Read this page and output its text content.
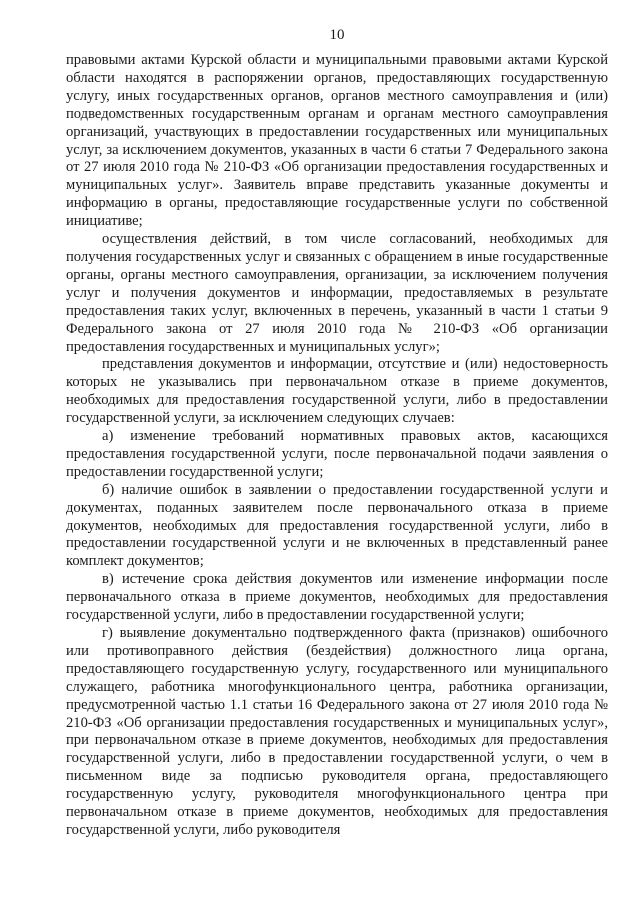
10

правовыми актами Курской области и муниципальными правовыми актами Курской области находятся в распоряжении органов, предоставляющих государственную услугу, иных государственных органов, органов местного самоуправления и (или) подведомственных государственным органам и органам местного самоуправления организаций, участвующих в предоставлении государственных или муниципальных услуг, за исключением документов, указанных в части 6 статьи 7 Федерального закона от 27 июля 2010 года № 210-ФЗ «Об организации предоставления государственных и муниципальных услуг». Заявитель вправе представить указанные документы и информацию в органы, предоставляющие государственные услуги по собственной инициативе;

осуществления действий, в том числе согласований, необходимых для получения государственных услуг и связанных с обращением в иные государственные органы, органы местного самоуправления, организации, за исключением получения услуг и получения документов и информации, предоставляемых в результате предоставления таких услуг, включенных в перечень, указанный в части 1 статьи 9 Федерального закона от 27 июля 2010 года № 210-ФЗ «Об организации предоставления государственных и муниципальных услуг»;

представления документов и информации, отсутствие и (или) недостоверность которых не указывались при первоначальном отказе в приеме документов, необходимых для предоставления государственной услуги, либо в предоставлении государственной услуги, за исключением следующих случаев:

а) изменение требований нормативных правовых актов, касающихся предоставления государственной услуги, после первоначальной подачи заявления о предоставлении государственной услуги;

б) наличие ошибок в заявлении о предоставлении государственной услуги и документах, поданных заявителем после первоначального отказа в приеме документов, необходимых для предоставления государственной услуги, либо в предоставлении государственной услуги и не включенных в представленный ранее комплект документов;

в) истечение срока действия документов или изменение информации после первоначального отказа в приеме документов, необходимых для предоставления государственной услуги, либо в предоставлении государственной услуги;

г) выявление документально подтвержденного факта (признаков) ошибочного или противоправного действия (бездействия) должностного лица органа, предоставляющего государственную услугу, государственного или муниципального служащего, работника многофункционального центра, работника организации, предусмотренной частью 1.1 статьи 16 Федерального закона от 27 июля 2010 года № 210-ФЗ «Об организации предоставления государственных и муниципальных услуг», при первоначальном отказе в приеме документов, необходимых для предоставления государственной услуги, либо в предоставлении государственной услуги, о чем в письменном виде за подписью руководителя органа, предоставляющего государственную услугу, руководителя многофункционального центра при первоначальном отказе в приеме документов, необходимых для предоставления государственной услуги, либо руководителя
